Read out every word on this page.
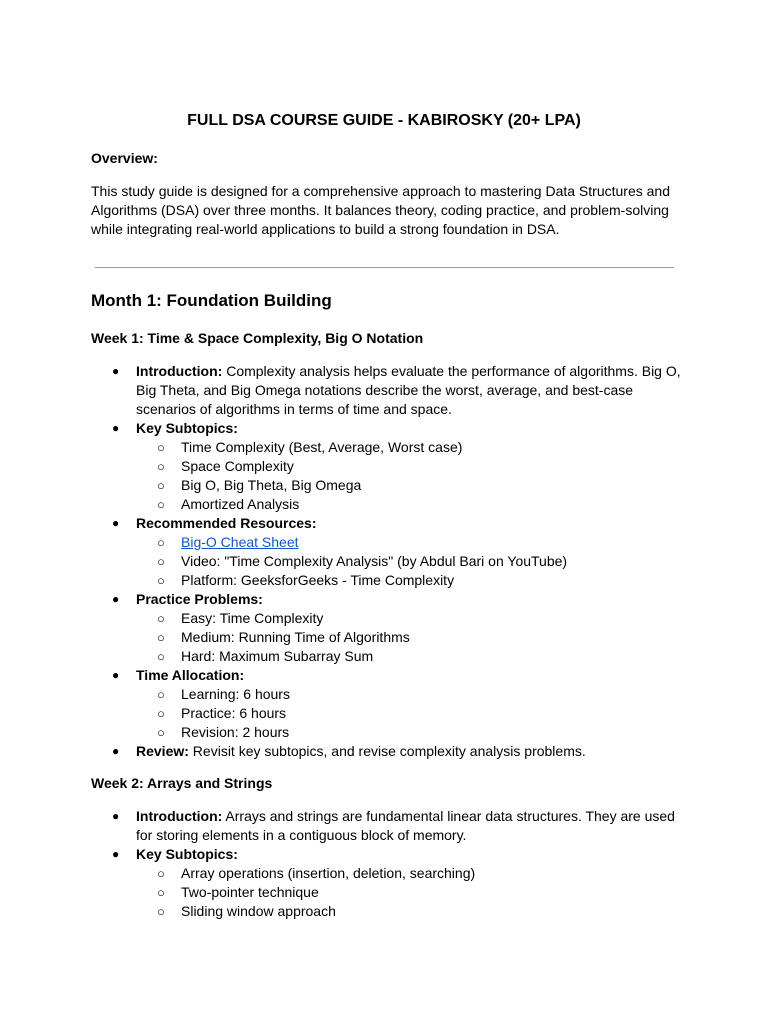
FULL DSA COURSE GUIDE - KABIROSKY (20+ LPA)
Overview:
This study guide is designed for a comprehensive approach to mastering Data Structures and Algorithms (DSA) over three months. It balances theory, coding practice, and problem-solving while integrating real-world applications to build a strong foundation in DSA.
Month 1: Foundation Building
Week 1: Time & Space Complexity, Big O Notation
● Introduction: Complexity analysis helps evaluate the performance of algorithms. Big O, Big Theta, and Big Omega notations describe the worst, average, and best-case scenarios of algorithms in terms of time and space.
● Key Subtopics:
○ Time Complexity (Best, Average, Worst case)
○ Space Complexity
○ Big O, Big Theta, Big Omega
○ Amortized Analysis
● Recommended Resources:
○ Big-O Cheat Sheet
○ Video: "Time Complexity Analysis" (by Abdul Bari on YouTube)
○ Platform: GeeksforGeeks - Time Complexity
● Practice Problems:
○ Easy: Time Complexity
○ Medium: Running Time of Algorithms
○ Hard: Maximum Subarray Sum
● Time Allocation:
○ Learning: 6 hours
○ Practice: 6 hours
○ Revision: 2 hours
● Review: Revisit key subtopics, and revise complexity analysis problems.
Week 2: Arrays and Strings
● Introduction: Arrays and strings are fundamental linear data structures. They are used for storing elements in a contiguous block of memory.
● Key Subtopics:
○ Array operations (insertion, deletion, searching)
○ Two-pointer technique
○ Sliding window approach
